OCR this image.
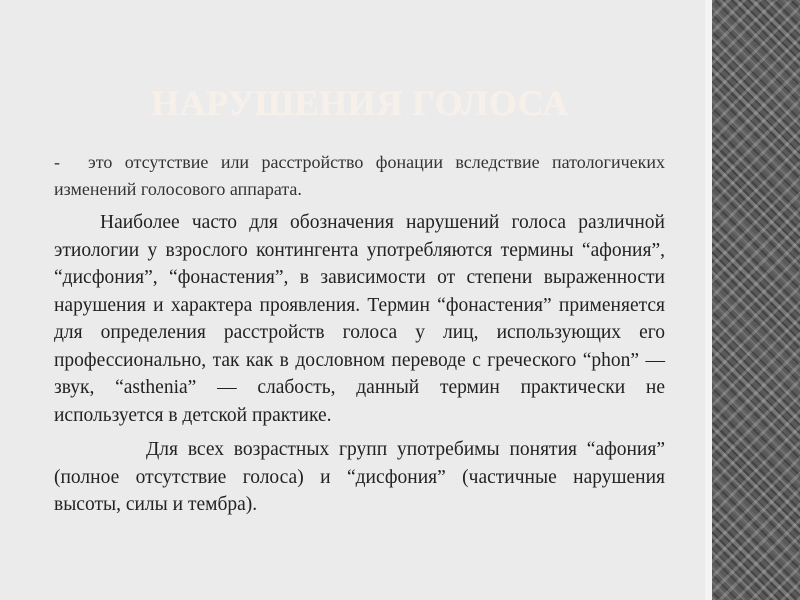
НАРУШЕНИЯ ГОЛОСА

- это отсутствие или расстройство фонации вследствие патологичеких изменений голосового аппарата.

Наиболее часто для обозначения нарушений голоса различной этиологии у взрослого контингента употребляются термины “афония”, “дисфония”, “фонастения”, в зависимости от степени выраженности нарушения и характера проявления. Термин “фонастения” применяется для определения расстройств голоса у лиц, использующих его профессионально, так как в дословном переводе с греческого “phon” — звук, “asthenia” — слабость, данный термин практически не используется в детской практике.

Для всех возрастных групп употребимы понятия “афония” (полное отсутствие голоса) и “дисфония” (частичные нарушения высоты, силы и тембра).
